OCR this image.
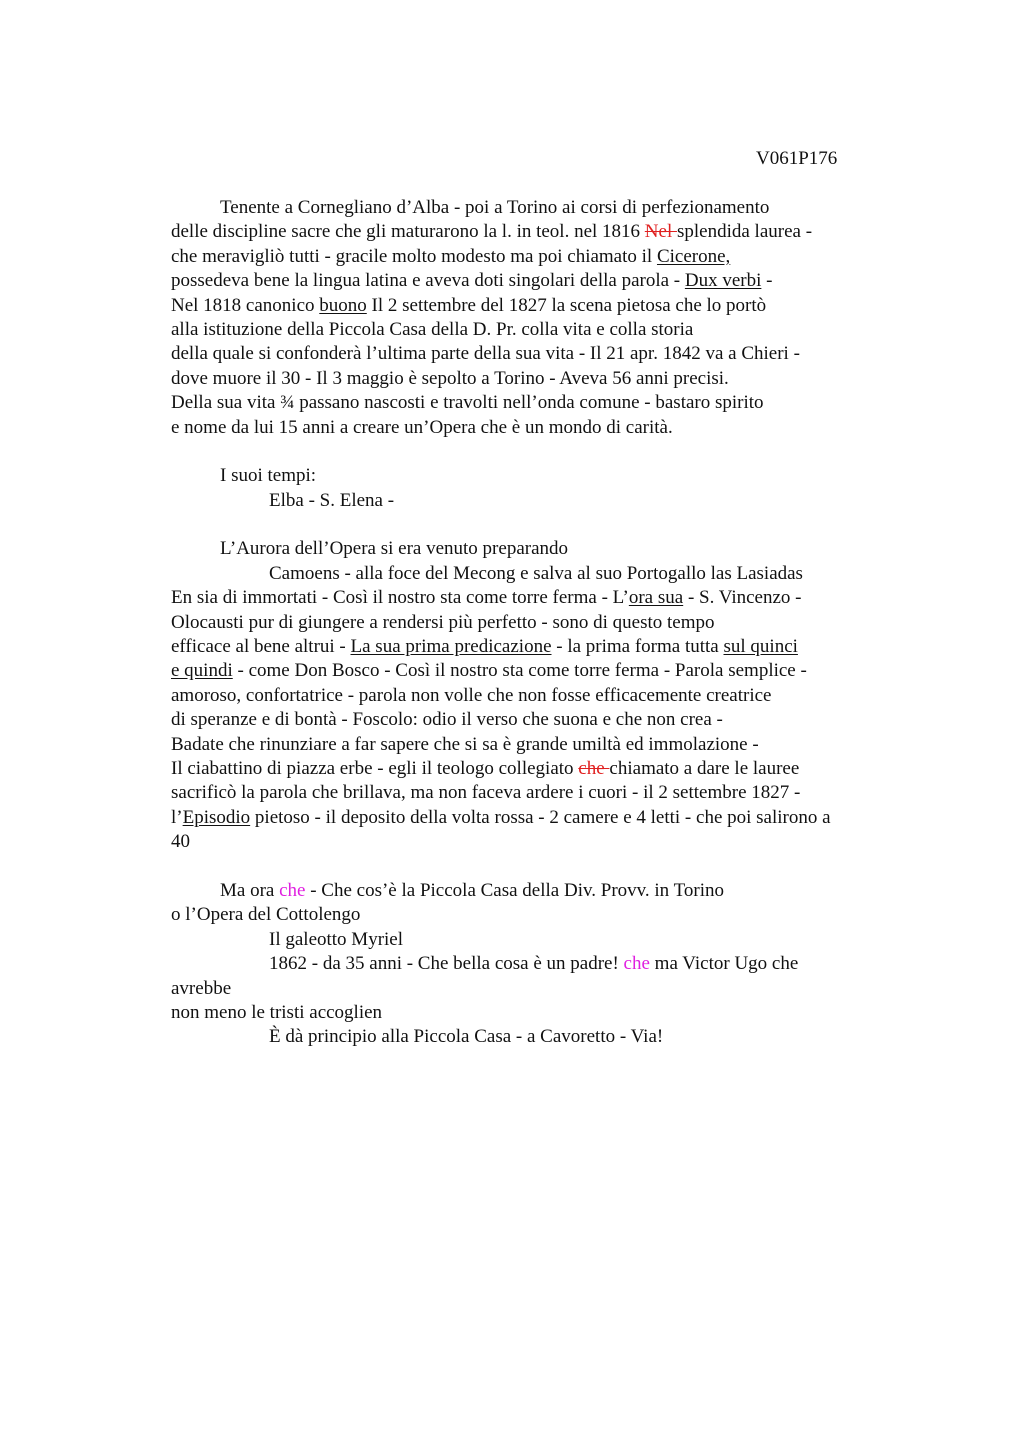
V061P176
Tenente a Cornegliano d’Alba - poi a Torino ai corsi di perfezionamento
delle discipline sacre che gli maturarono la l. in teol. nel 1816 Nel splendida laurea -
che meravigliò tutti - gracile molto modesto ma poi chiamato il Cicerone,
possedeva bene la lingua latina e aveva doti singolari della parola - Dux verbi -
Nel 1818 canonico buono Il 2 settembre del 1827 la scena pietosa che lo portò
alla istituzione della Piccola Casa della D. Pr. colla vita e colla storia
della quale si confonderà l’ultima parte della sua vita - Il 21 apr. 1842 va a Chieri -
dove muore il 30 - Il 3 maggio è sepolto a Torino - Aveva 56 anni precisi.
Della sua vita ¾ passano nascosti e travolti nell’onda comune - bastaro spirito
e nome da lui 15 anni a creare un’Opera che è un mondo di carità.
I suoi tempi:
Elba - S. Elena -
L’Aurora dell’Opera si era venuto preparando
Camoens - alla foce del Mecong e salva al suo Portogallo las Lasiadas
En sia di immortati - Così il nostro sta come torre ferma - L’ora sua - S. Vincenzo -
Olocausti pur di giungere a rendersi più perfetto - sono di questo tempo
efficace al bene altrui - La sua prima predicazione - la prima forma tutta sul quinci
e quindi - come Don Bosco - Così il nostro sta come torre ferma - Parola semplice -
amoroso, confortatrice - parola non volle che non fosse efficacemente creatrice
di speranze e di bontà - Foscolo: odio il verso che suona e che non crea -
Badate che rinunziare a far sapere che si sa è grande umiltà ed immolazione -
Il ciabattino di piazza erbe - egli il teologo collegiato che chiamato a dare le lauree
sacrificò la parola che brillava, ma non faceva ardere i cuori - il 2 settembre 1827 -
l’Episodio pietoso - il deposito della volta rossa - 2 camere e 4 letti - che poi salirono a
40
Ma ora che - Che cos’è la Piccola Casa della Div. Provv. in Torino
o l’Opera del Cottolengo
Il galeotto Myriel
1862 - da 35 anni - Che bella cosa è un padre! che ma Victor Ugo che
avrebbe
non meno le tristi accoglien
È dà principio alla Piccola Casa - a Cavoretto - Via!
